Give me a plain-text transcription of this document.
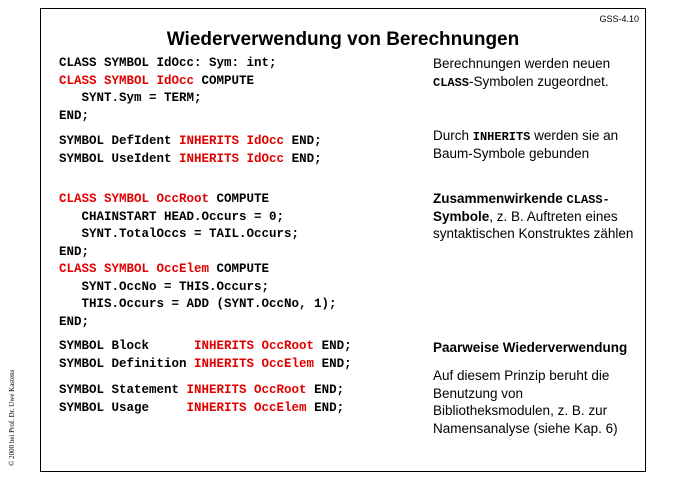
GSS-4.10
Wiederverwendung von Berechnungen
CLASS SYMBOL IdOcc: Sym: int;
CLASS SYMBOL IdOcc COMPUTE
SYNT.Sym = TERM;
END;
SYMBOL DefIdent INHERITS IdOcc END;
SYMBOL UseIdent INHERITS IdOcc END;
CLASS SYMBOL OccRoot COMPUTE
CHAINSTART HEAD.Occurs = 0;
SYNT.TotalOccs = TAIL.Occurs;
END;
CLASS SYMBOL OccElem COMPUTE
SYNT.OccNo = THIS.Occurs;
THIS.Occurs = ADD (SYNT.OccNo, 1);
END;
SYMBOL Block      INHERITS OccRoot END;
SYMBOL Definition INHERITS OccElem END;
SYMBOL Statement INHERITS OccRoot END;
SYMBOL Usage     INHERITS OccElem END;
Berechnungen werden neuen
CLASS-Symbolen zugeordnet.
Durch INHERITS werden sie an
Baum-Symbole gebunden
Zusammenwirkende CLASS-
Symbole, z. B. Auftreten eines
syntaktischen Konstruktes zählen
Paarweise Wiederverwendung
Auf diesem Prinzip beruht die
Benutzung von
Bibliotheksmodulen, z. B. zur
Namensanalyse (siehe Kap. 6)
© 2000 bei Prof. Dr. Uwe Kastens
